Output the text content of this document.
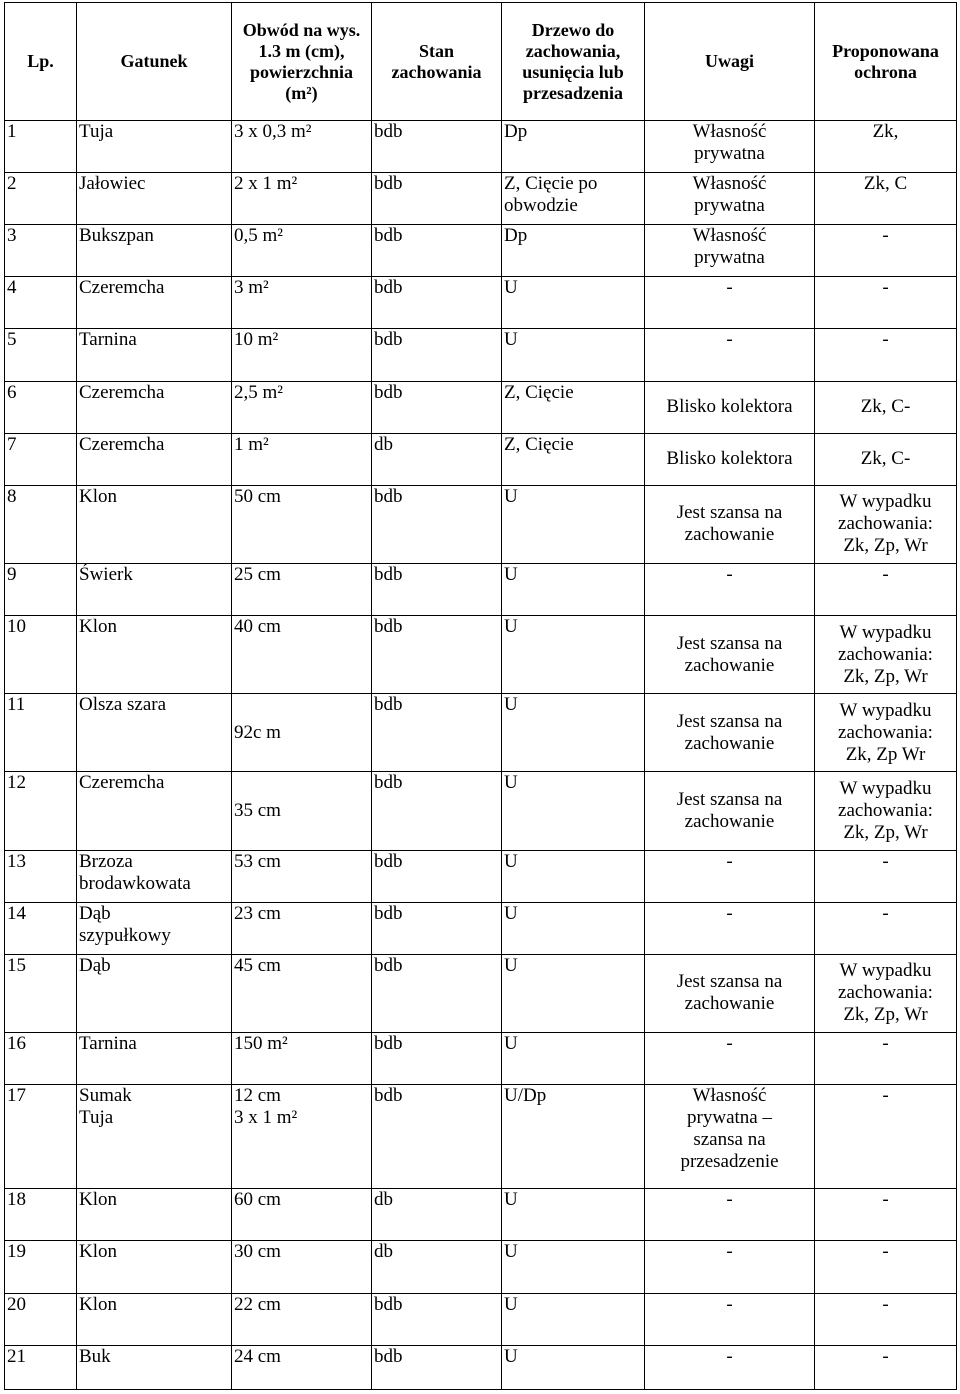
Lp.	Gatunek	Obwód na wys. 1.3 m (cm), powierzchnia (m²)	Stan zachowania	Drzewo do zachowania, usunięcia lub przesadzenia	Uwagi	Proponowana ochrona

1	Tuja	3 x 0,3 m²	bdb	Dp	Własność
prywatna	Zk,

2	Jałowiec	2 x 1 m²	bdb	Z, Cięcie po
obwodzie	Własność
prywatna	Zk, C

3	Bukszpan	0,5 m²	bdb	Dp	Własność
prywatna	-

4	Czeremcha	3 m²	bdb	U	-	-

5	Tarnina	10 m²	bdb	U	-	-

6	Czeremcha	2,5 m²	bdb	Z, Cięcie	Blisko kolektora	Zk, C-

7	Czeremcha	1 m²	db	Z, Cięcie	Blisko kolektora	Zk, C-

8	Klon	50 cm	bdb	U	Jest szansa na
zachowanie	W wypadku
zachowania:
Zk, Zp, Wr

9	Świerk	25 cm	bdb	U	-	-

10	Klon	40 cm	bdb	U	Jest szansa na
zachowanie	W wypadku
zachowania:
Zk, Zp, Wr

11	Olsza szara	92c m	bdb	U	Jest szansa na
zachowanie	W wypadku
zachowania:
Zk, Zp Wr

12	Czeremcha	35 cm	bdb	U	Jest szansa na
zachowanie	W wypadku
zachowania:
Zk, Zp, Wr

13	Brzoza
brodawkowata	53 cm	bdb	U	-	-

14	Dąb
szypułkowy	23 cm	bdb	U	-	-

15	Dąb	45 cm	bdb	U	Jest szansa na
zachowanie	W wypadku
zachowania:
Zk, Zp, Wr

16	Tarnina	150 m²	bdb	U	-	-

17	Sumak
Tuja	12 cm
3 x 1 m²	bdb	U/Dp	Własność
prywatna –
szansa na
przesadzenie	-

18	Klon	60 cm	db	U	-	-

19	Klon	30 cm	db	U	-	-

20	Klon	22 cm	bdb	U	-	-

21	Buk	24 cm	bdb	U	-	-
